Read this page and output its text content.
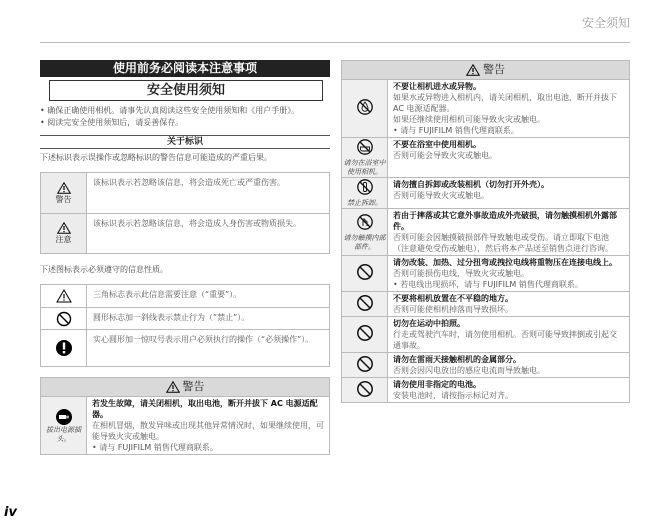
安全须知
使用前务必阅读本注意事项
安全使用须知
• 确保正确使用相机。请事先认真阅读这些安全使用须知和《用户手册》。
• 阅读完安全使用须知后，请妥善保存。
关于标识
下述标识表示误操作或忽略标识的警告信息可能造成的严重后果。
警告
该标识表示若忽略该信息，将会造成死亡或严重伤害。
注意
该标识表示若忽略该信息，将会造成人身伤害或物质损失。
下述图标表示必须遵守的信息性质。
三角标志表示此信息需要注意（“重要”）。
圆形标志加一斜线表示禁止行为（“禁止”）。
实心圆形加一惊叹号表示用户必须执行的操作（“必须操作”）。
警告
拔出电源插头。
若发生故障，请关闭相机，取出电池，断开并拔下 AC 电源适配器。
在相机冒烟，散发异味或出现其他异常情况时，如果继续使用，可能导致火灾或触电。
• 请与 FUJIFILM 销售代理商联系。
警告
不要让相机进水或异物。
如果水或异物进入相机内，请关闭相机，取出电池，断开并拔下 AC 电源适配器。
如果还继续使用相机可能导致火灾或触电。
• 请与 FUJIFILM 销售代理商联系。
请勿在浴室中使用相机。
不要在浴室中使用相机。
否则可能会导致火灾或触电。
禁止拆卸。
请勿擅自拆卸或改装相机（切勿打开外壳）。
否则可能导致火灾或触电。
请勿触摸内部部件。
若由于摔落或其它意外事故造成外壳破损，请勿触摸相机外露部件。
否则可能会因触摸破损部件导致触电或受伤。请立即取下电池（注意避免受伤或触电），然后将本产品送至销售点进行咨询。
请勿改装、加热、过分扭弯或拽拉电线将重物压在连接电线上。
否则可能损伤电线，导致火灾或触电。
• 若电线出现损坏，请与 FUJIFILM 销售代理商联系。
不要将相机放置在不平稳的地方。
否则可能使相机掉落而导致损坏。
切勿在运动中拍照。
行走或驾驶汽车时，请勿使用相机。否则可能导致摔倒或引起交通事故。
请勿在雷雨天接触相机的金属部分。
否则会因闪电放出的感应电流而导致触电。
请勿使用非指定的电池。
安装电池时，请按指示标记对齐。
iv
